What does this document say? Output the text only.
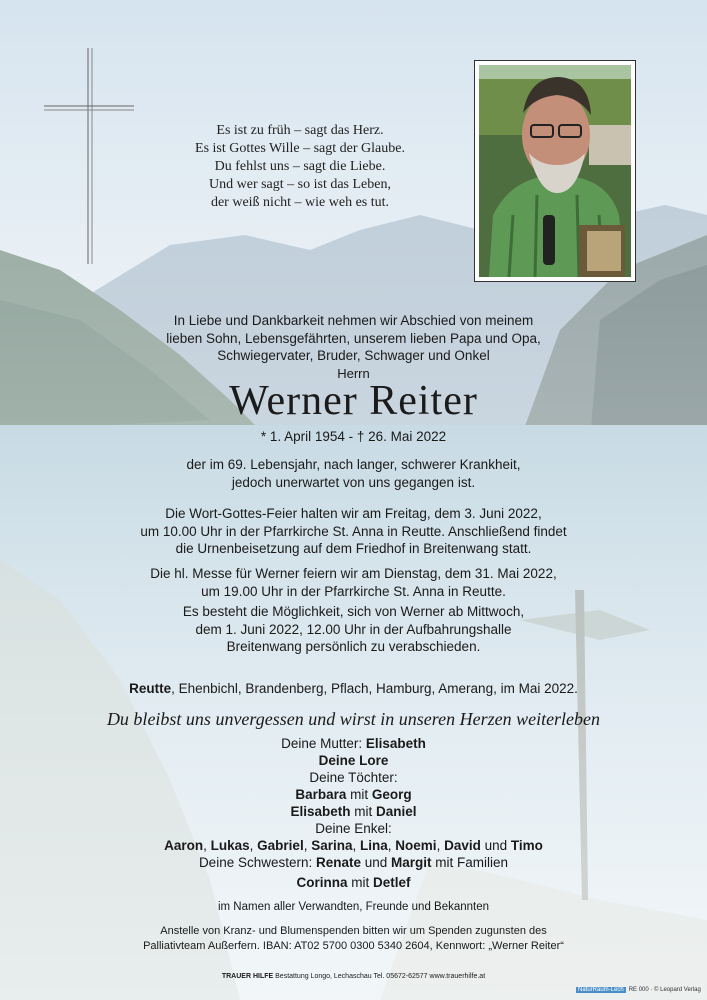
Es ist zu früh – sagt das Herz.
Es ist Gottes Wille – sagt der Glaube.
Du fehlst uns – sagt die Liebe.
Und wer sagt – so ist das Leben,
der weiß nicht – wie weh es tut.
In Liebe und Dankbarkeit nehmen wir Abschied von meinem
lieben Sohn, Lebensgefährten, unserem lieben Papa und Opa,
Schwiegervater, Bruder, Schwager und Onkel
Herrn
Werner Reiter
* 1. April 1954 - † 26. Mai 2022
der im 69. Lebensjahr, nach langer, schwerer Krankheit,
jedoch unerwartet von uns gegangen ist.
Die Wort-Gottes-Feier halten wir am Freitag, dem 3. Juni 2022,
um 10.00 Uhr in der Pfarrkirche St. Anna in Reutte. Anschließend findet
die Urnenbeisetzung auf dem Friedhof in Breitenwang statt.
Die hl. Messe für Werner feiern wir am Dienstag, dem 31. Mai 2022,
um 19.00 Uhr in der Pfarrkirche St. Anna in Reutte.
Es besteht die Möglichkeit, sich von Werner ab Mittwoch,
dem 1. Juni 2022, 12.00 Uhr in der Aufbahrungshalle
Breitenwang persönlich zu verabschieden.
Reutte, Ehenbichl, Brandenberg, Pflach, Hamburg, Amerang, im Mai 2022.
Du bleibst uns unvergessen und wirst in unseren Herzen weiterleben
Deine Mutter: Elisabeth
Deine Lore
Deine Töchter:
Barbara mit Georg
Elisabeth mit Daniel
Deine Enkel:
Aaron, Lukas, Gabriel, Sarina, Lina, Noemi, David und Timo
Deine Schwestern: Renate und Margit mit Familien
Corinna mit Detlef
im Namen aller Verwandten, Freunde und Bekannten
Anstelle von Kranz- und Blumenspenden bitten wir um Spenden zugunsten des
Palliativteam Außerfern. IBAN: AT02 5700 0300 5340 2604, Kennwort: „Werner Reiter“
TRAUER HILFE Bestattung Longo, Lechaschau Tel. 05672-62577 www.trauerhilfe.at
NaturRaum-Lech RE 000 · © Leopard Verlag
